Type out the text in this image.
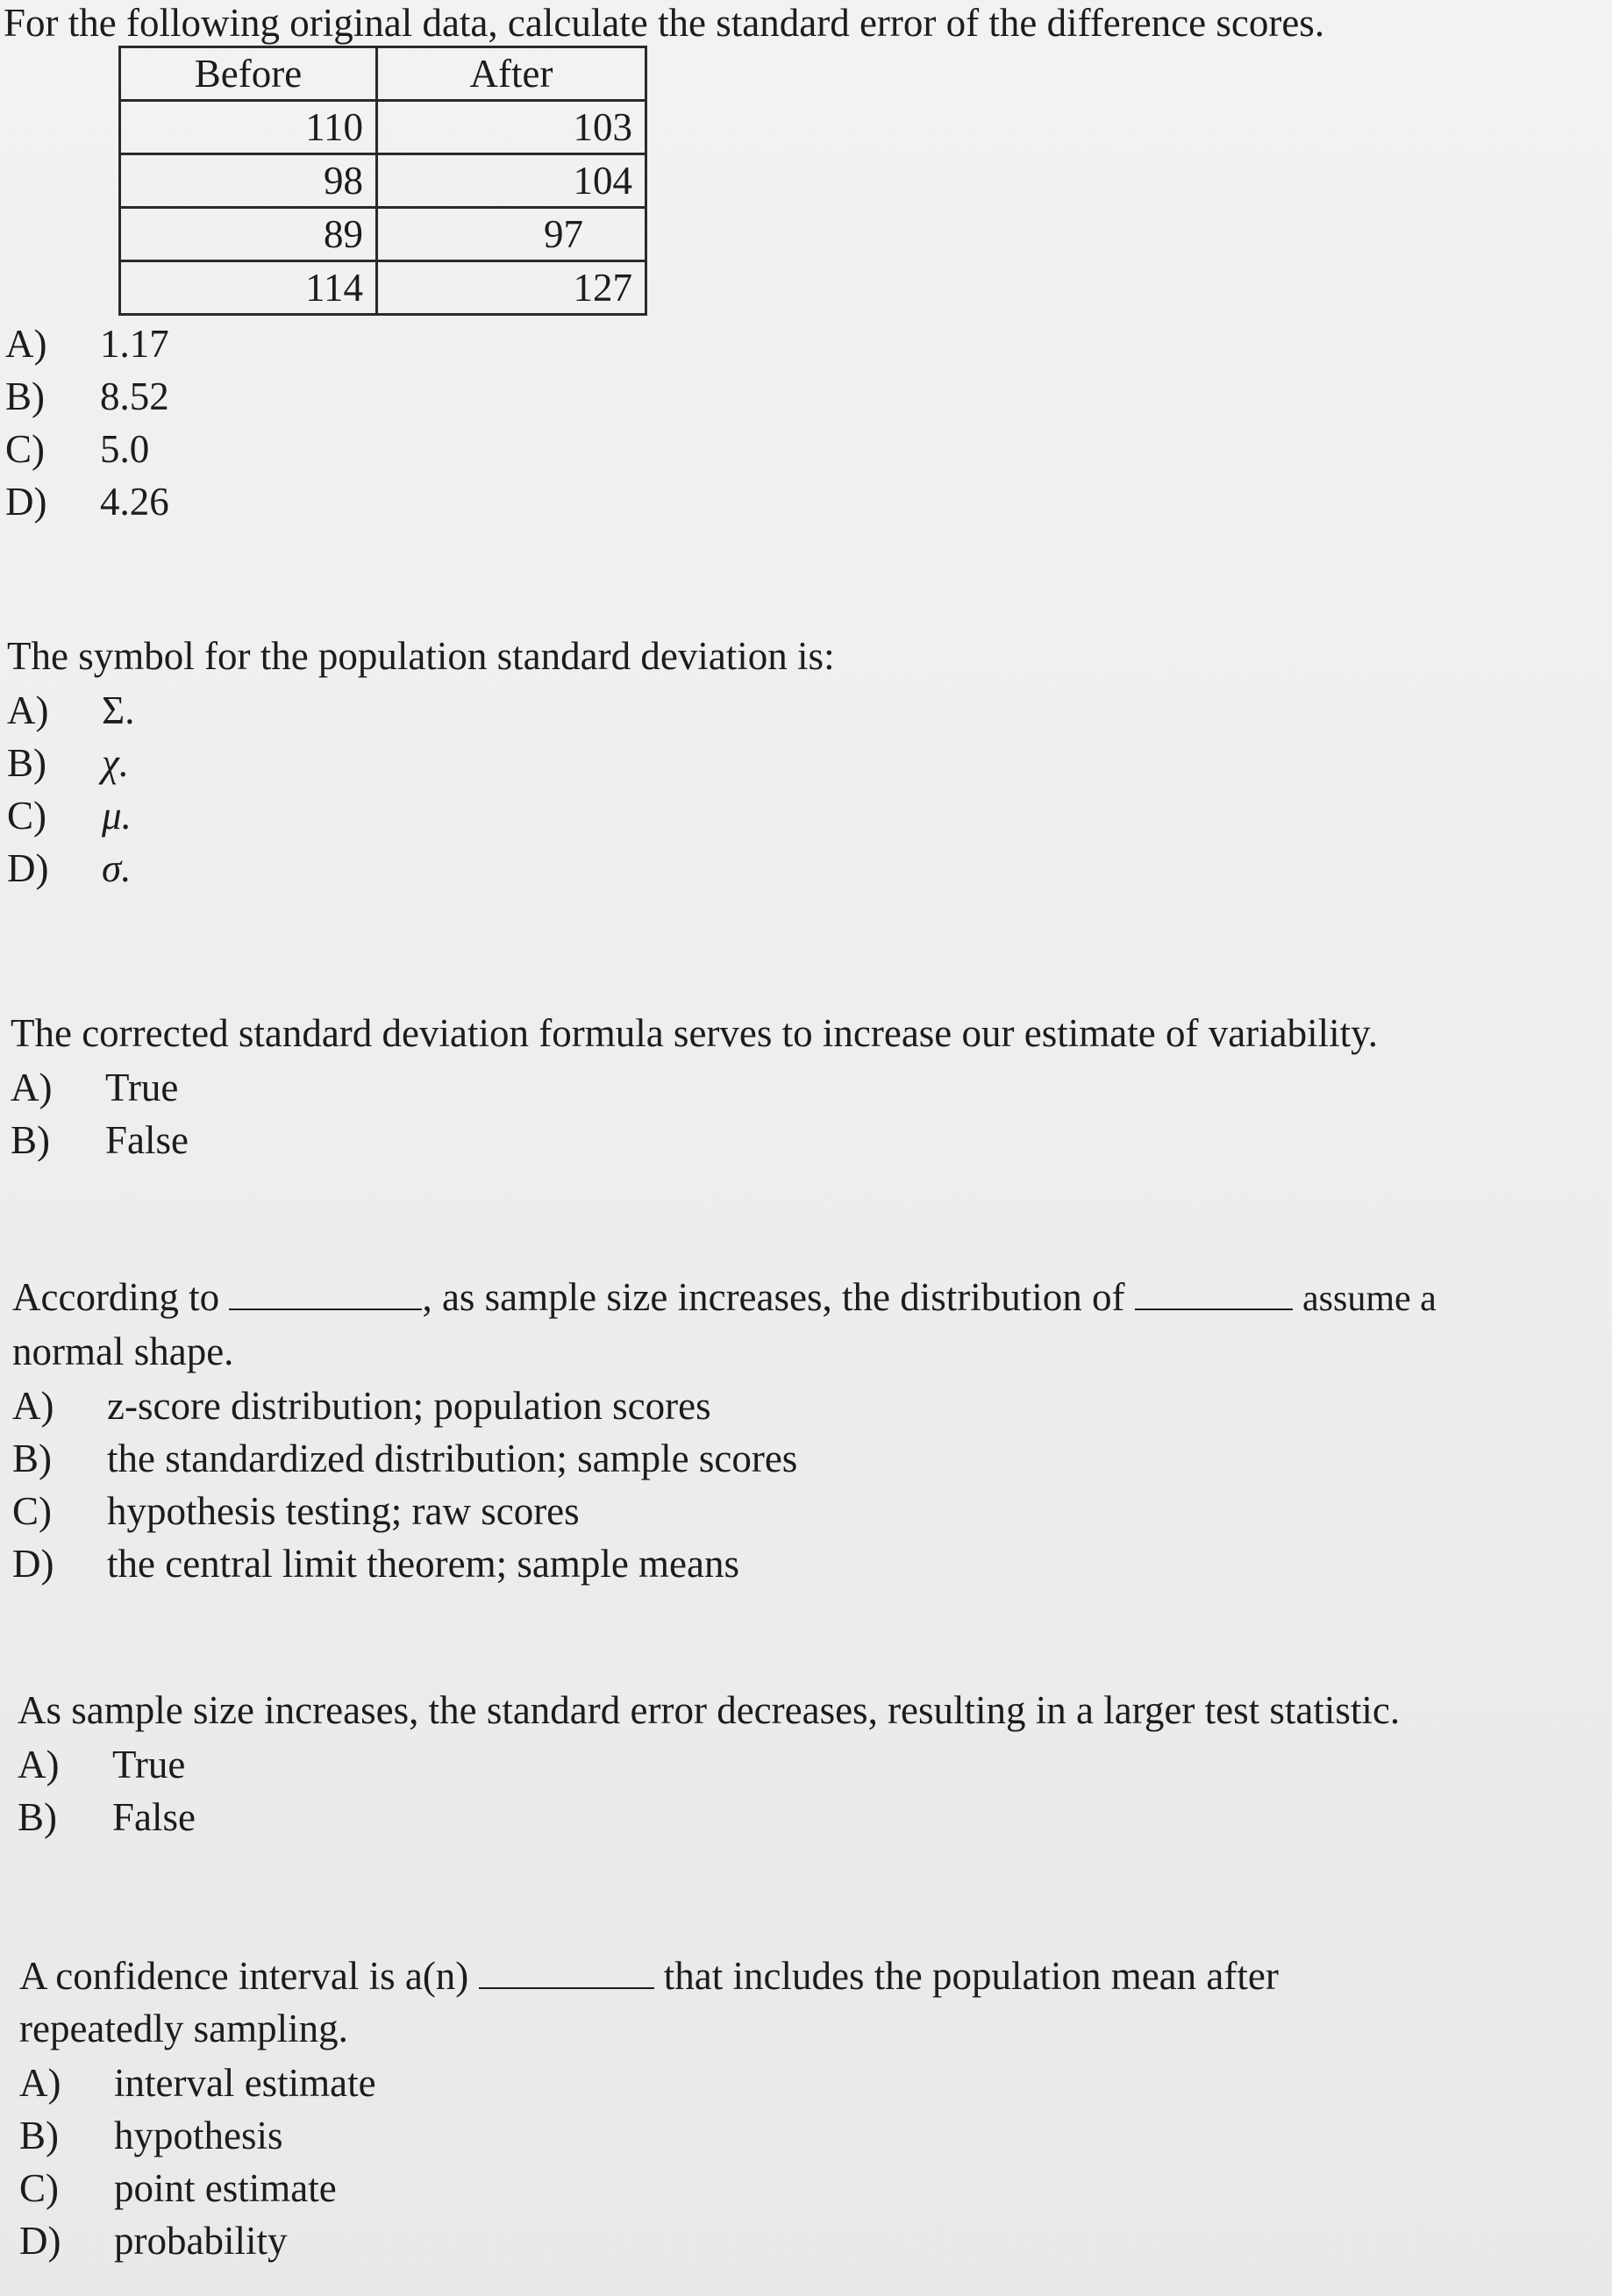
For the following original data, calculate the standard error of the difference scores.
Before	After
110	103
98	104
89	97
114	127
A)	1.17
B)	8.52
C)	5.0
D)	4.26
The symbol for the population standard deviation is:
A)	Σ.
B)	χ.
C)	μ.
D)	σ.
The corrected standard deviation formula serves to increase our estimate of variability.
A)	True
B)	False
According to	, as sample size increases, the distribution of	assume a
normal shape.
A)	z-score distribution; population scores
B)	the standardized distribution; sample scores
C)	hypothesis testing; raw scores
D)	the central limit theorem; sample means
As sample size increases, the standard error decreases, resulting in a larger test statistic.
A)	True
B)	False
A confidence interval is a(n)	that includes the population mean after
repeatedly sampling.
A)	interval estimate
B)	hypothesis
C)	point estimate
D)	probability
